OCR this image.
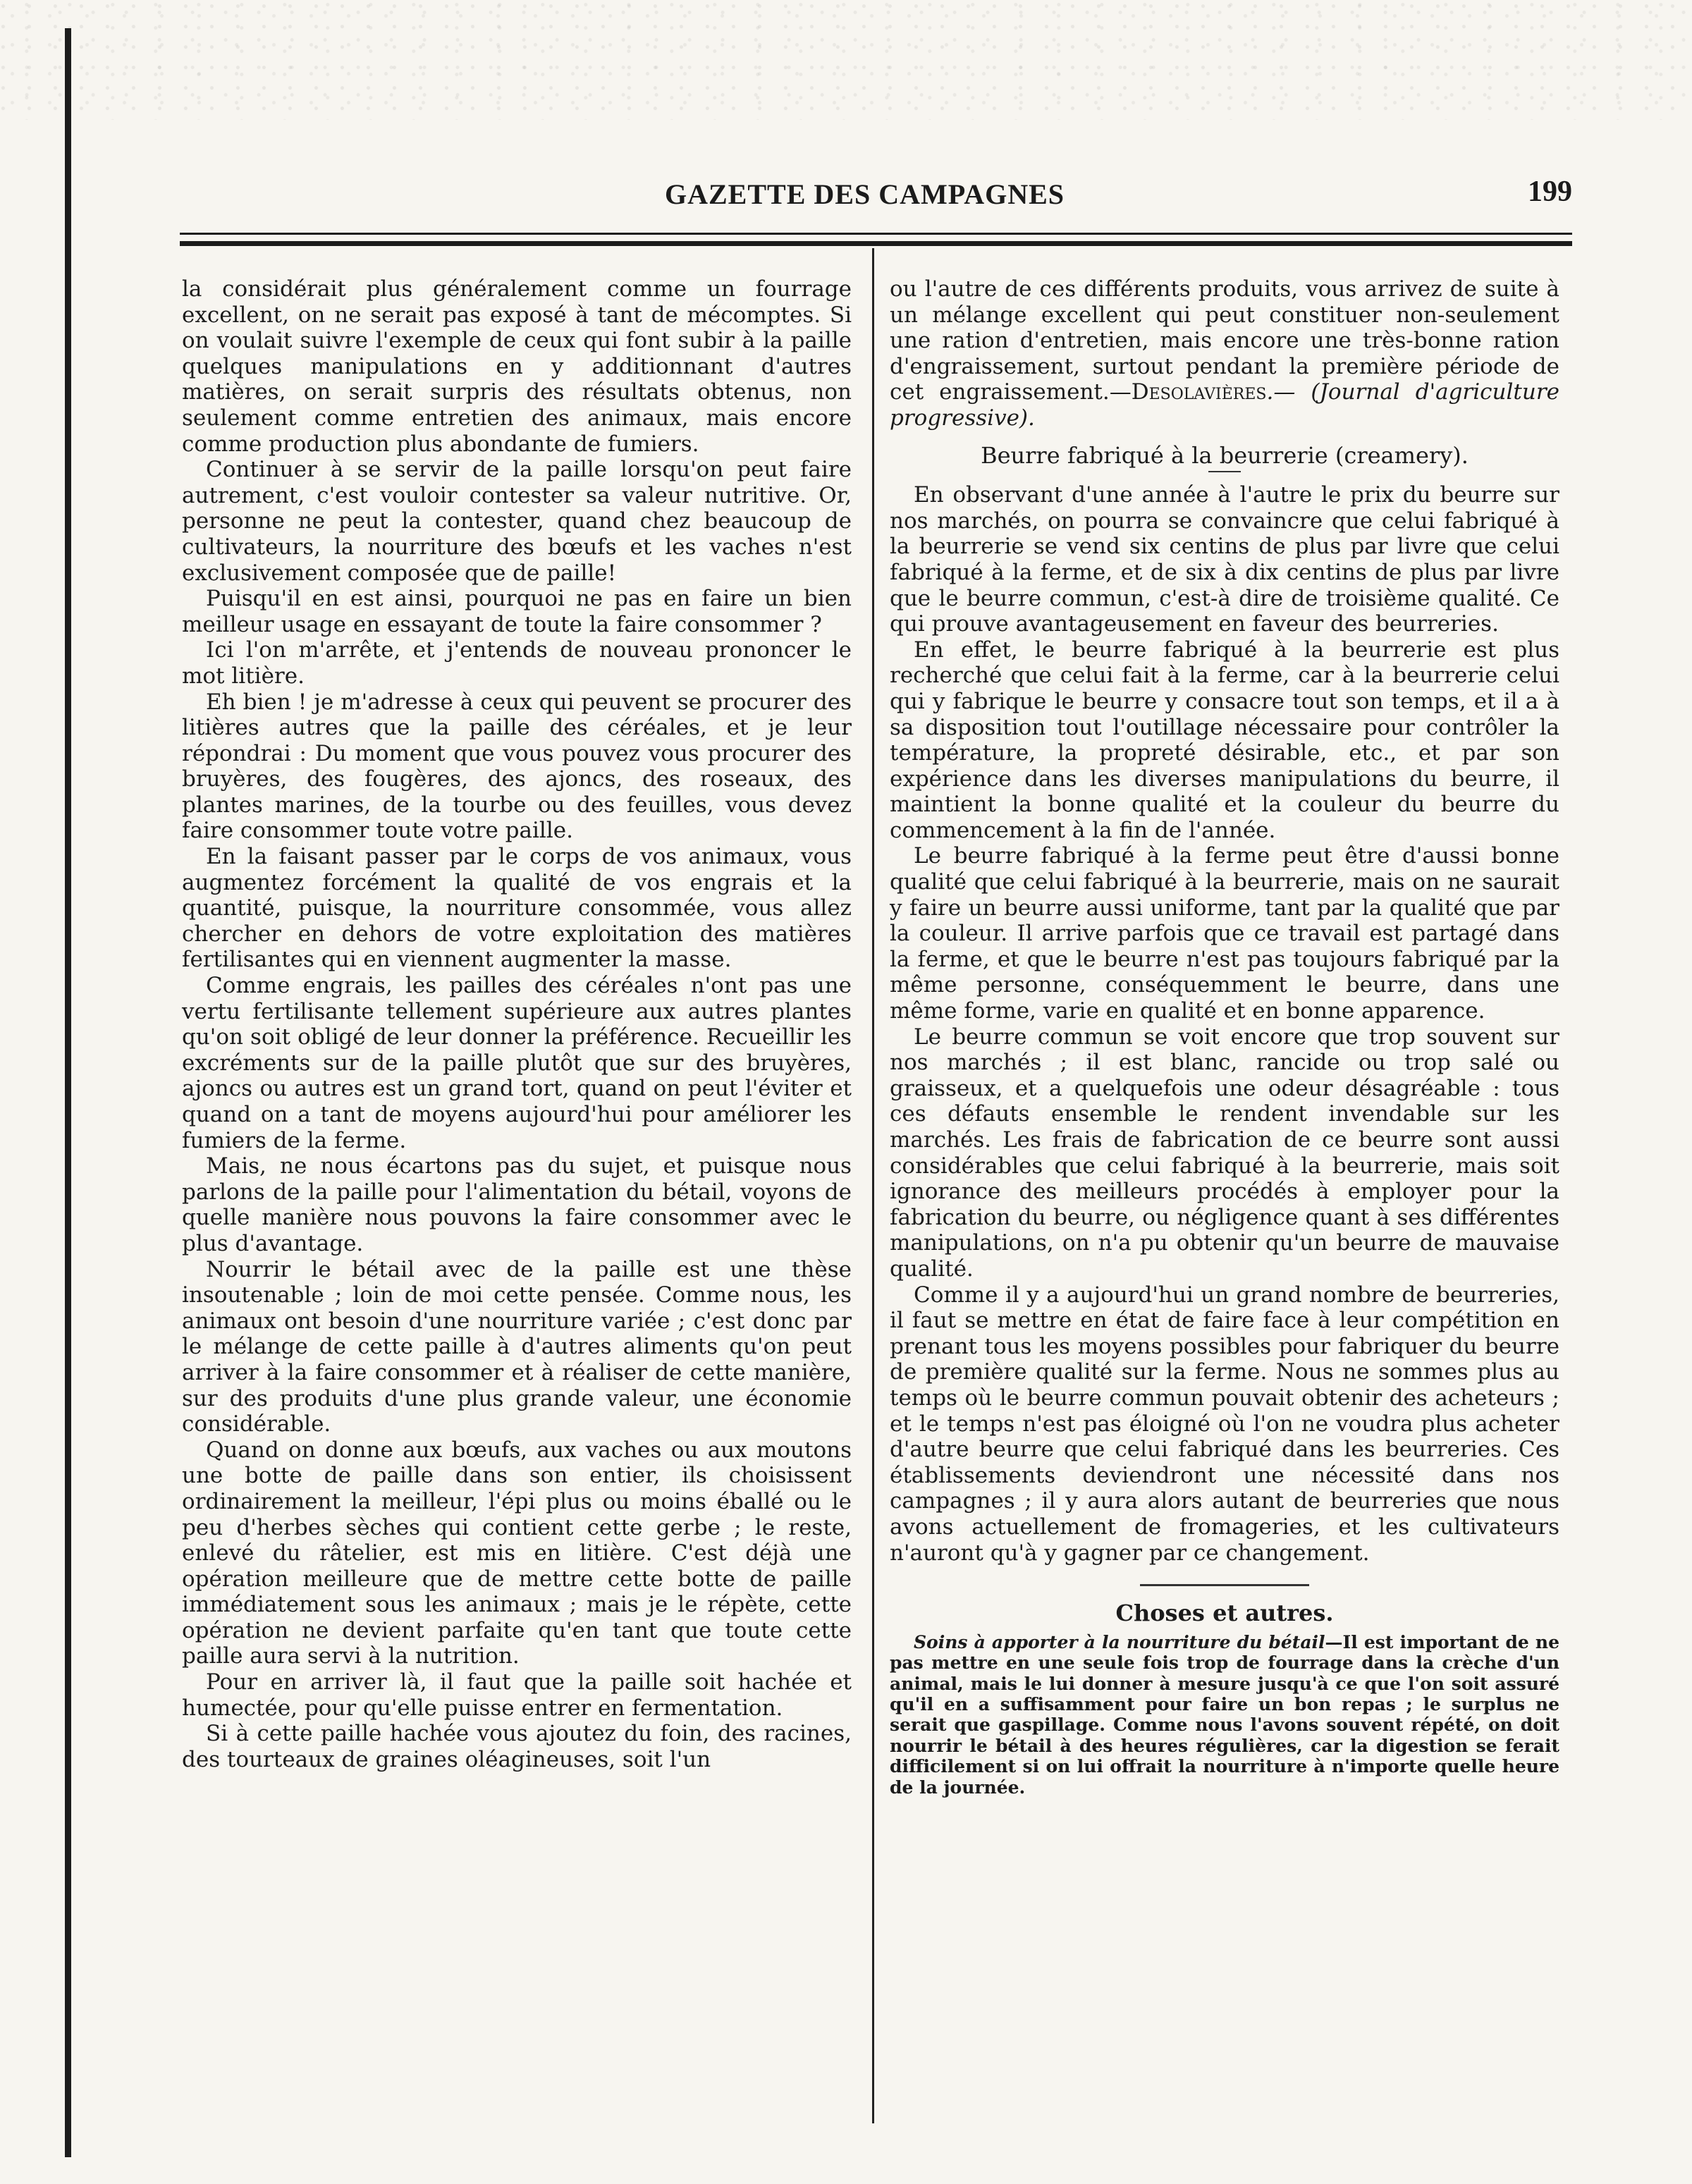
GAZETTE DES CAMPAGNES	199

la considérait plus généralement comme un fourrage excellent, on ne serait pas exposé à tant de mécomptes. Si on voulait suivre l'exemple de ceux qui font subir à la paille quelques manipulations en y additionnant d'autres matières, on serait surpris des résultats obtenus, non seulement comme entretien des animaux, mais encore comme production plus abondante de fumiers.

Continuer à se servir de la paille lorsqu'on peut faire autrement, c'est vouloir contester sa valeur nutritive. Or, personne ne peut la contester, quand chez beaucoup de cultivateurs, la nourriture des bœufs et les vaches n'est exclusivement composée que de paille!

Puisqu'il en est ainsi, pourquoi ne pas en faire un bien meilleur usage en essayant de toute la faire consommer ?

Ici l'on m'arrête, et j'entends de nouveau prononcer le mot litière.

Eh bien ! je m'adresse à ceux qui peuvent se procurer des litières autres que la paille des céréales, et je leur répondrai : Du moment que vous pouvez vous procurer des bruyères, des fougères, des ajoncs, des roseaux, des plantes marines, de la tourbe ou des feuilles, vous devez faire consommer toute votre paille.

En la faisant passer par le corps de vos animaux, vous augmentez forcément la qualité de vos engrais et la quantité, puisque, la nourriture consommée, vous allez chercher en dehors de votre exploitation des matières fertilisantes qui en viennent augmenter la masse.

Comme engrais, les pailles des céréales n'ont pas une vertu fertilisante tellement supérieure aux autres plantes qu'on soit obligé de leur donner la préférence. Recueillir les excréments sur de la paille plutôt que sur des bruyères, ajoncs ou autres est un grand tort, quand on peut l'éviter et quand on a tant de moyens aujourd'hui pour améliorer les fumiers de la ferme.

Mais, ne nous écartons pas du sujet, et puisque nous parlons de la paille pour l'alimentation du bétail, voyons de quelle manière nous pouvons la faire consommer avec le plus d'avantage.

Nourrir le bétail avec de la paille est une thèse insoutenable ; loin de moi cette pensée. Comme nous, les animaux ont besoin d'une nourriture variée ; c'est donc par le mélange de cette paille à d'autres aliments qu'on peut arriver à la faire consommer et à réaliser de cette manière, sur des produits d'une plus grande valeur, une économie considérable.

Quand on donne aux bœufs, aux vaches ou aux moutons une botte de paille dans son entier, ils choisissent ordinairement la meilleur, l'épi plus ou moins éballé ou le peu d'herbes sèches qui contient cette gerbe ; le reste, enlevé du râtelier, est mis en litière. C'est déjà une opération meilleure que de mettre cette botte de paille immédiatement sous les animaux ; mais je le répète, cette opération ne devient parfaite qu'en tant que toute cette paille aura servi à la nutrition.

Pour en arriver là, il faut que la paille soit hachée et humectée, pour qu'elle puisse entrer en fermentation.

Si à cette paille hachée vous ajoutez du foin, des racines, des tourteaux de graines oléagineuses, soit l'un

ou l'autre de ces différents produits, vous arrivez de suite à un mélange excellent qui peut constituer non-seulement une ration d'entretien, mais encore une très-bonne ration d'engraissement, surtout pendant la première période de cet engraissement.—Desolavières.— (Journal d'agriculture progressive).

Beurre fabriqué à la beurrerie (creamery).

En observant d'une année à l'autre le prix du beurre sur nos marchés, on pourra se convaincre que celui fabriqué à la beurrerie se vend six centins de plus par livre que celui fabriqué à la ferme, et de six à dix centins de plus par livre que le beurre commun, c'est-à dire de troisième qualité. Ce qui prouve avantageusement en faveur des beurreries.

En effet, le beurre fabriqué à la beurrerie est plus recherché que celui fait à la ferme, car à la beurrerie celui qui y fabrique le beurre y consacre tout son temps, et il a à sa disposition tout l'outillage nécessaire pour contrôler la température, la propreté désirable, etc., et par son expérience dans les diverses manipulations du beurre, il maintient la bonne qualité et la couleur du beurre du commencement à la fin de l'année.

Le beurre fabriqué à la ferme peut être d'aussi bonne qualité que celui fabriqué à la beurrerie, mais on ne saurait y faire un beurre aussi uniforme, tant par la qualité que par la couleur. Il arrive parfois que ce travail est partagé dans la ferme, et que le beurre n'est pas toujours fabriqué par la même personne, conséquemment le beurre, dans une même forme, varie en qualité et en bonne apparence.

Le beurre commun se voit encore que trop souvent sur nos marchés ; il est blanc, rancide ou trop salé ou graisseux, et a quelquefois une odeur désagréable : tous ces défauts ensemble le rendent invendable sur les marchés. Les frais de fabrication de ce beurre sont aussi considérables que celui fabriqué à la beurrerie, mais soit ignorance des meilleurs procédés à employer pour la fabrication du beurre, ou négligence quant à ses différentes manipulations, on n'a pu obtenir qu'un beurre de mauvaise qualité.

Comme il y a aujourd'hui un grand nombre de beurreries, il faut se mettre en état de faire face à leur compétition en prenant tous les moyens possibles pour fabriquer du beurre de première qualité sur la ferme. Nous ne sommes plus au temps où le beurre commun pouvait obtenir des acheteurs ; et le temps n'est pas éloigné où l'on ne voudra plus acheter d'autre beurre que celui fabriqué dans les beurreries. Ces établissements deviendront une nécessité dans nos campagnes ; il y aura alors autant de beurreries que nous avons actuellement de fromageries, et les cultivateurs n'auront qu'à y gagner par ce changement.

Choses et autres.

Soins à apporter à la nourriture du bétail—Il est important de ne pas mettre en une seule fois trop de fourrage dans la crèche d'un animal, mais le lui donner à mesure jusqu'à ce que l'on soit assuré qu'il en a suffisamment pour faire un bon repas ; le surplus ne serait que gaspillage. Comme nous l'avons souvent répété, on doit nourrir le bétail à des heures régulières, car la digestion se ferait difficilement si on lui offrait la nourriture à n'importe quelle heure de la journée.
